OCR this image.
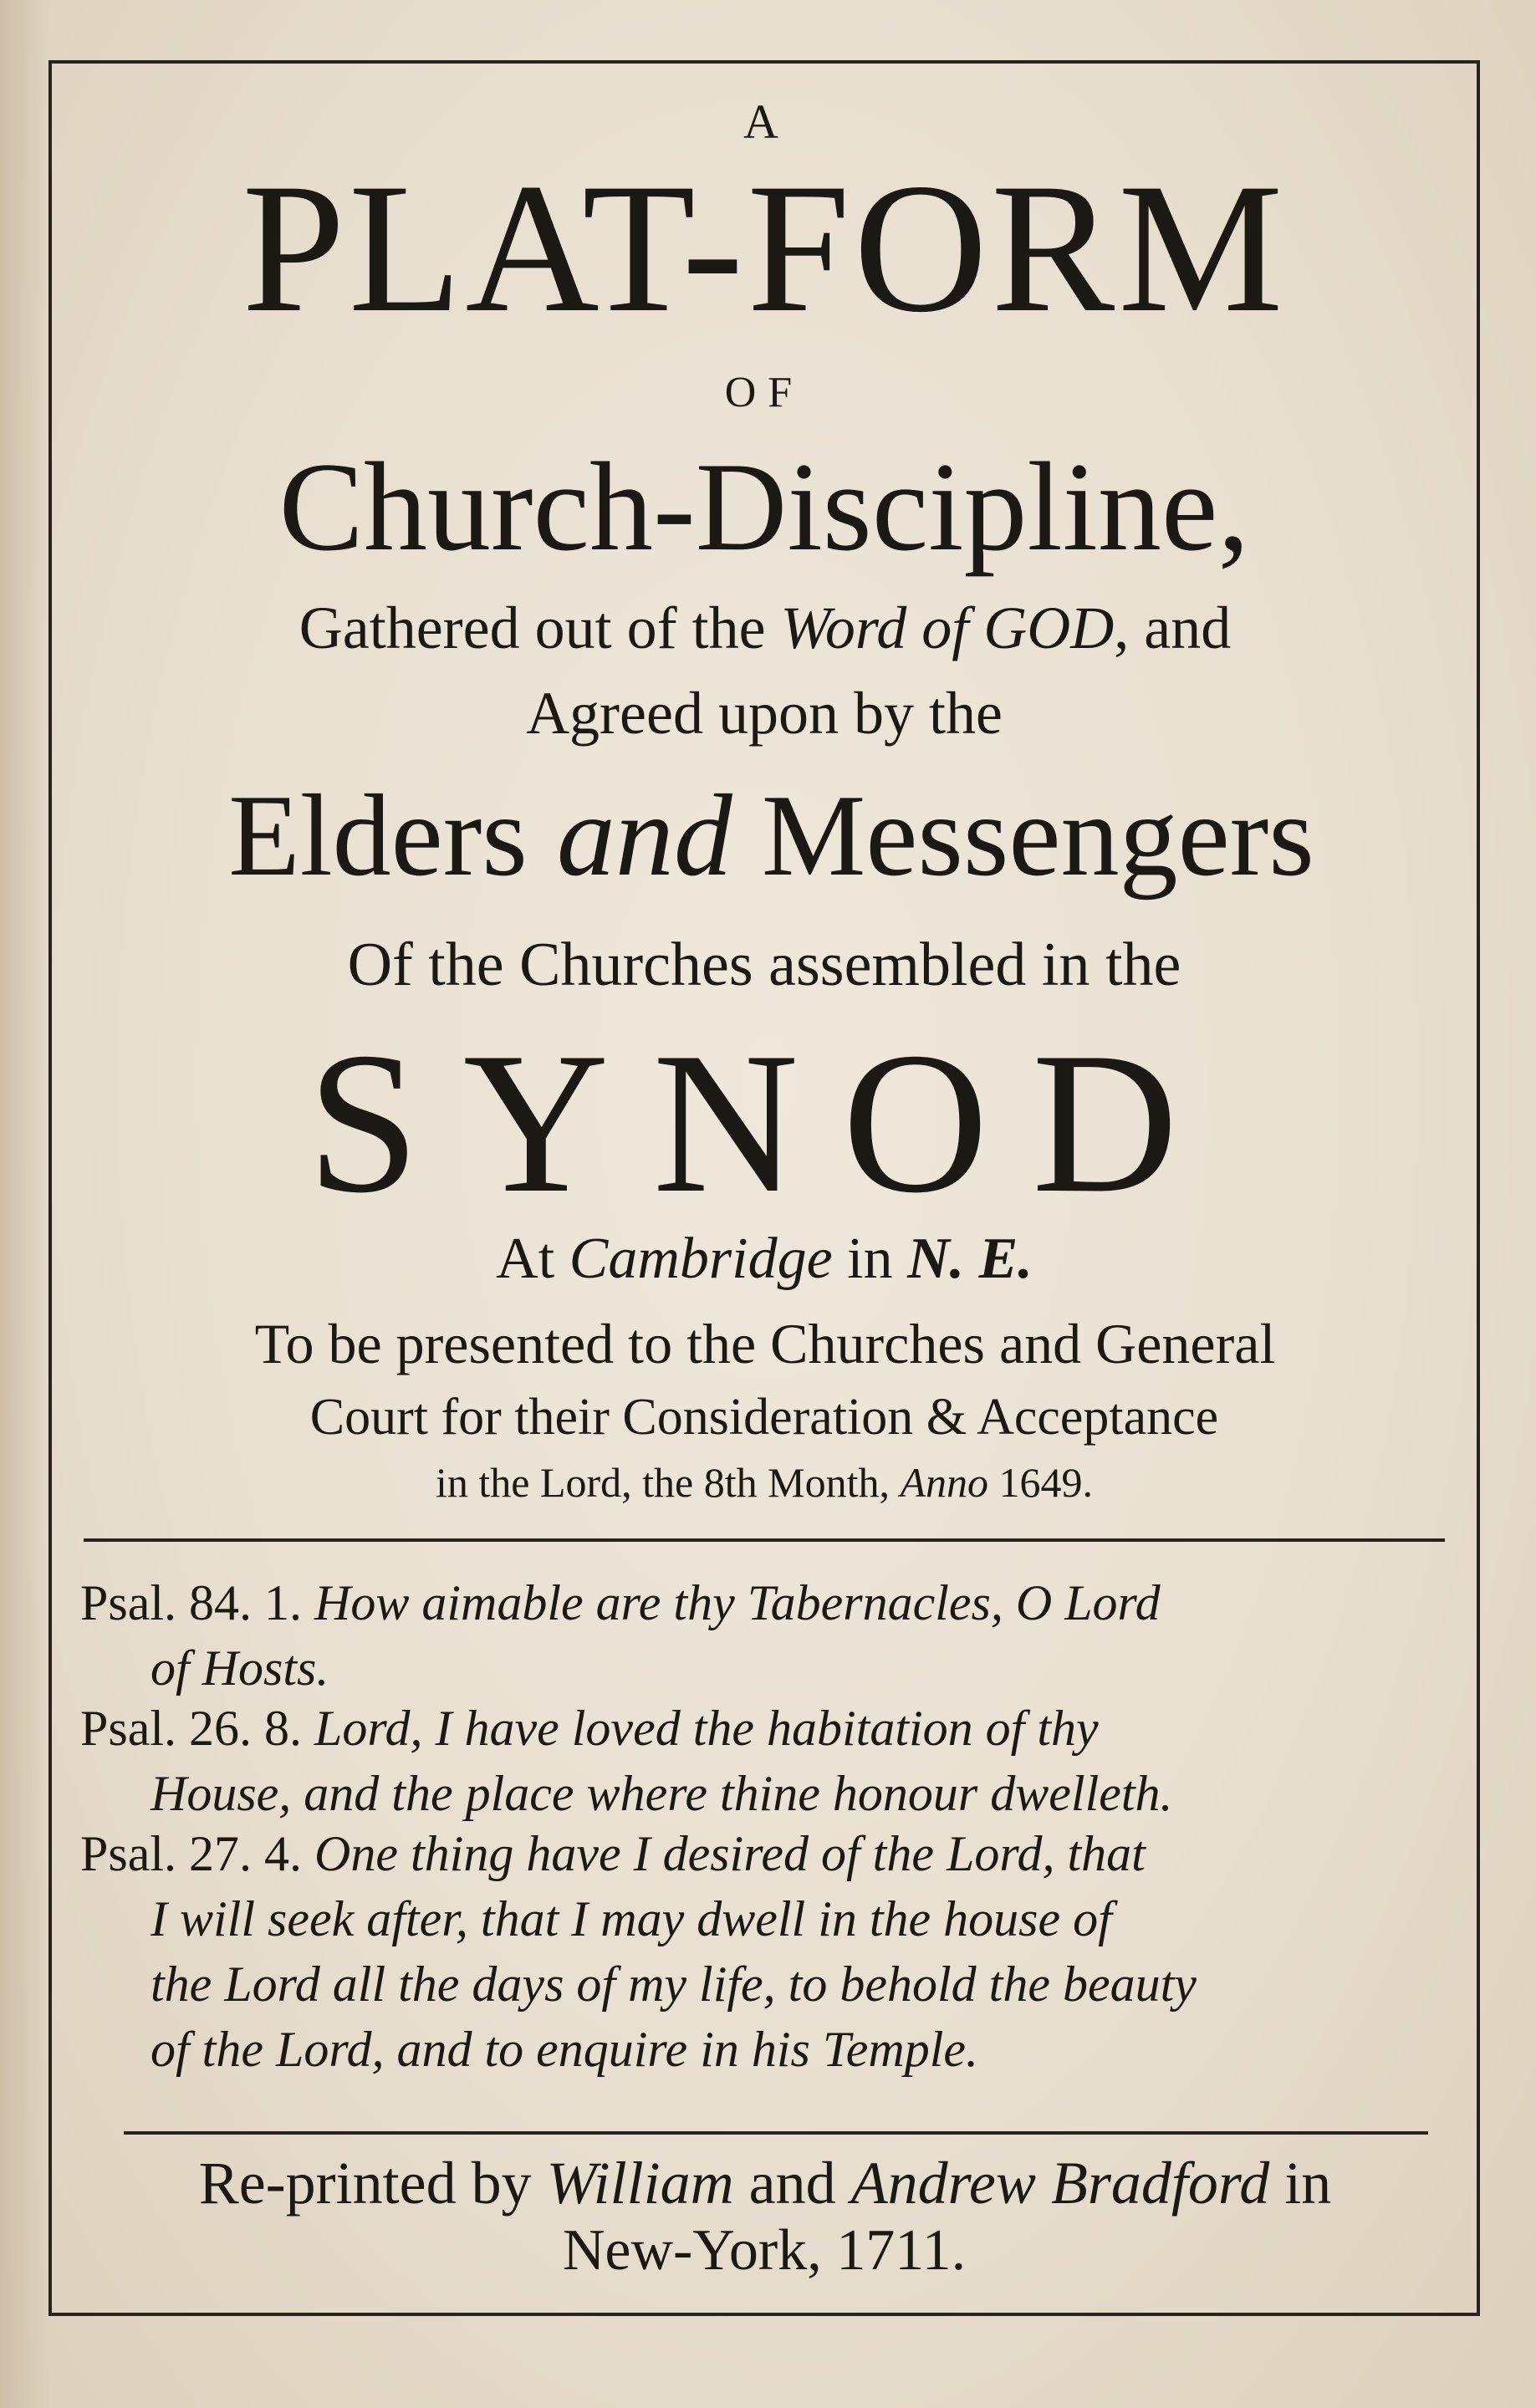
A
PLAT-FORM
OF
Church-Discipline,
Gathered out of the Word of GOD, and
Agreed upon by the
Elders and Messengers
Of the Churches assembled in the
SYNOD
At Cambridge in N. E.
To be presented to the Churches and General
Court for their Consideration & Acceptance
in the Lord, the 8th Month, Anno 1649.
Psal. 84. 1. How aimable are thy Tabernacles, O Lord
of Hosts.
Psal. 26. 8. Lord, I have loved the habitation of thy
House, and the place where thine honour dwelleth.
Psal. 27. 4. One thing have I desired of the Lord, that
I will seek after, that I may dwell in the house of
the Lord all the days of my life, to behold the beauty
of the Lord, and to enquire in his Temple.
Re-printed by William and Andrew Bradford in
New-York, 1711.
